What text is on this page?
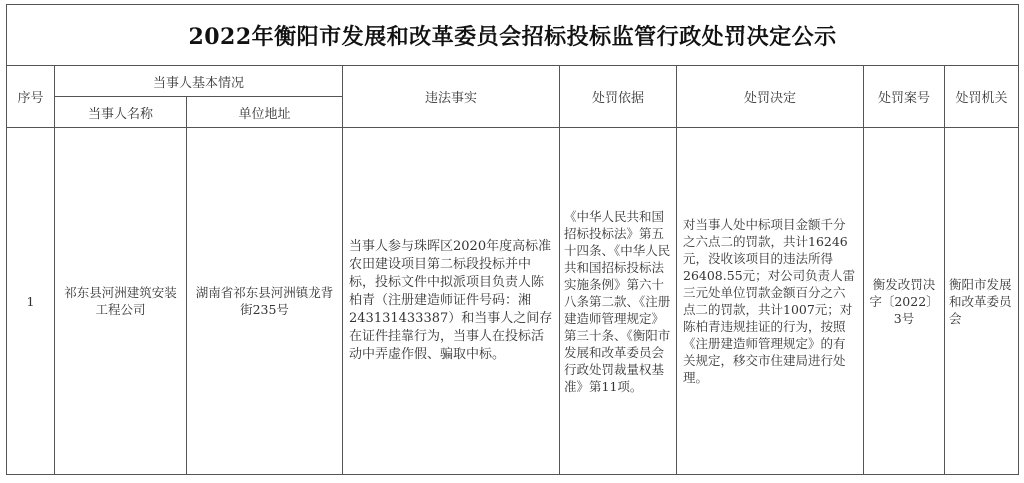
2022年衡阳市发展和改革委员会招标投标监管行政处罚决定公示							
序号	当事人基本情况		违法事实	处罚依据	处罚决定	处罚案号	处罚机关
	当事人名称	单位地址					
1	祁东县河洲建筑安装工程公司	湖南省祁东县河洲镇龙背街235号	当事人参与珠晖区2020年度高标准农田建设项目第二标段投标并中标，投标文件中拟派项目负责人陈柏青（注册建造师证件号码：湘243131433387）和当事人之间存在证件挂靠行为，当事人在投标活动中弄虚作假、骗取中标。	《中华人民共和国招标投标法》第五十四条、《中华人民共和国招标投标法实施条例》第六十八条第二款、《注册建造师管理规定》第三十条、《衡阳市发展和改革委员会行政处罚裁量权基准》第11项。	对当事人处中标项目金额千分之六点二的罚款，共计16246元，没收该项目的违法所得26408.55元；对公司负责人雷三元处单位罚款金额百分之六点二的罚款，共计1007元；对陈柏青违规挂证的行为，按照《注册建造师管理规定》的有关规定，移交市住建局进行处理。	衡发改罚决字〔2022〕3号	衡阳市发展和改革委员会
